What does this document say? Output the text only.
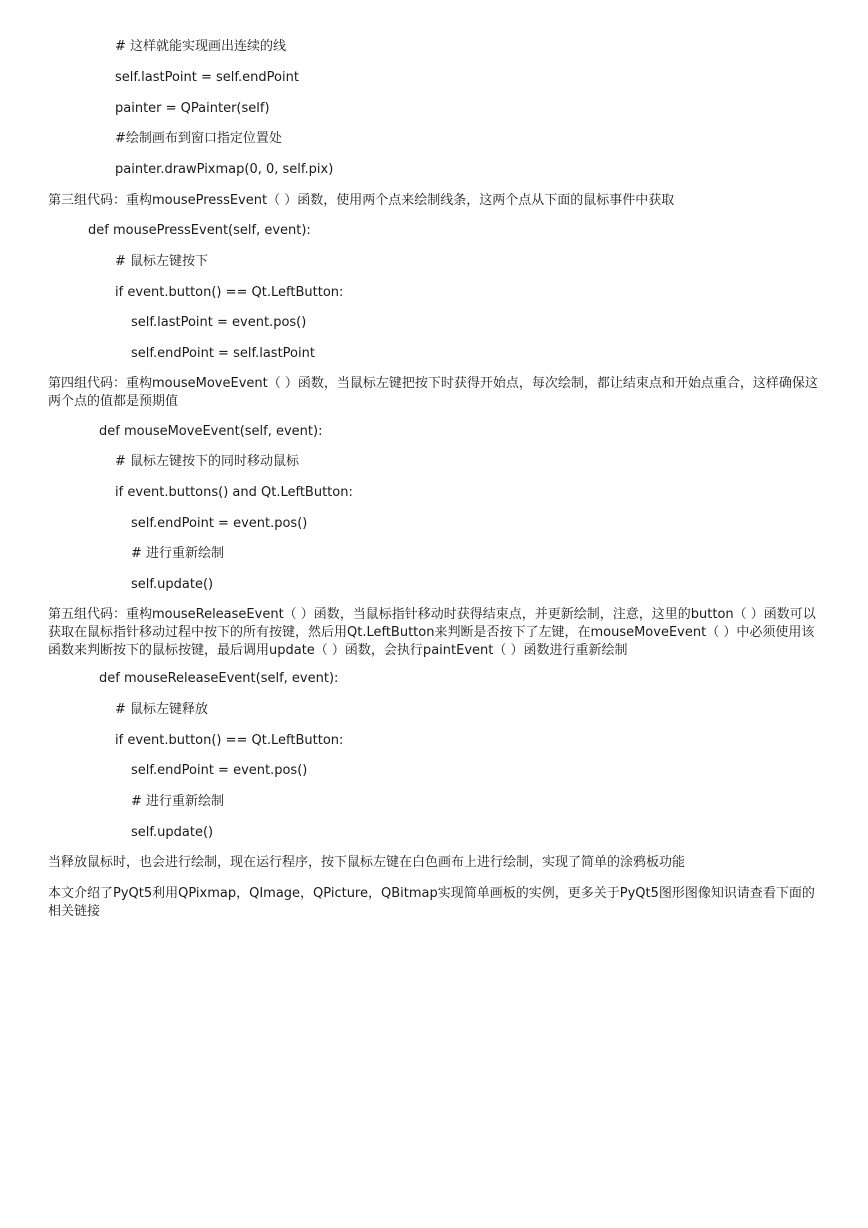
# 这样就能实现画出连续的线
self.lastPoint = self.endPoint
painter = QPainter(self)
#绘制画布到窗口指定位置处
painter.drawPixmap(0, 0, self.pix)
第三组代码：重构mousePressEvent（ ）函数，使用两个点来绘制线条，这两个点从下面的鼠标事件中获取
def mousePressEvent(self, event):
# 鼠标左键按下
if event.button() == Qt.LeftButton:
self.lastPoint = event.pos()
self.endPoint = self.lastPoint
第四组代码：重构mouseMoveEvent（ ）函数，当鼠标左键把按下时获得开始点，每次绘制，都让结束点和开始点重合，这样确保这两个点的值都是预期值
def mouseMoveEvent(self, event):
# 鼠标左键按下的同时移动鼠标
if event.buttons() and Qt.LeftButton:
self.endPoint = event.pos()
# 进行重新绘制
self.update()
第五组代码：重构mouseReleaseEvent（ ）函数，当鼠标指针移动时获得结束点，并更新绘制，注意，这里的button（ ）函数可以获取在鼠标指针移动过程中按下的所有按键，然后用Qt.LeftButton来判断是否按下了左键，在mouseMoveEvent（ ）中必须使用该函数来判断按下的鼠标按键，最后调用update（ ）函数，会执行paintEvent（ ）函数进行重新绘制
def mouseReleaseEvent(self, event):
# 鼠标左键释放
if event.button() == Qt.LeftButton:
self.endPoint = event.pos()
# 进行重新绘制
self.update()
当释放鼠标时，也会进行绘制，现在运行程序，按下鼠标左键在白色画布上进行绘制，实现了简单的涂鸦板功能
本文介绍了PyQt5利用QPixmap，QImage，QPicture，QBitmap实现简单画板的实例，更多关于PyQt5图形图像知识请查看下面的相关链接
